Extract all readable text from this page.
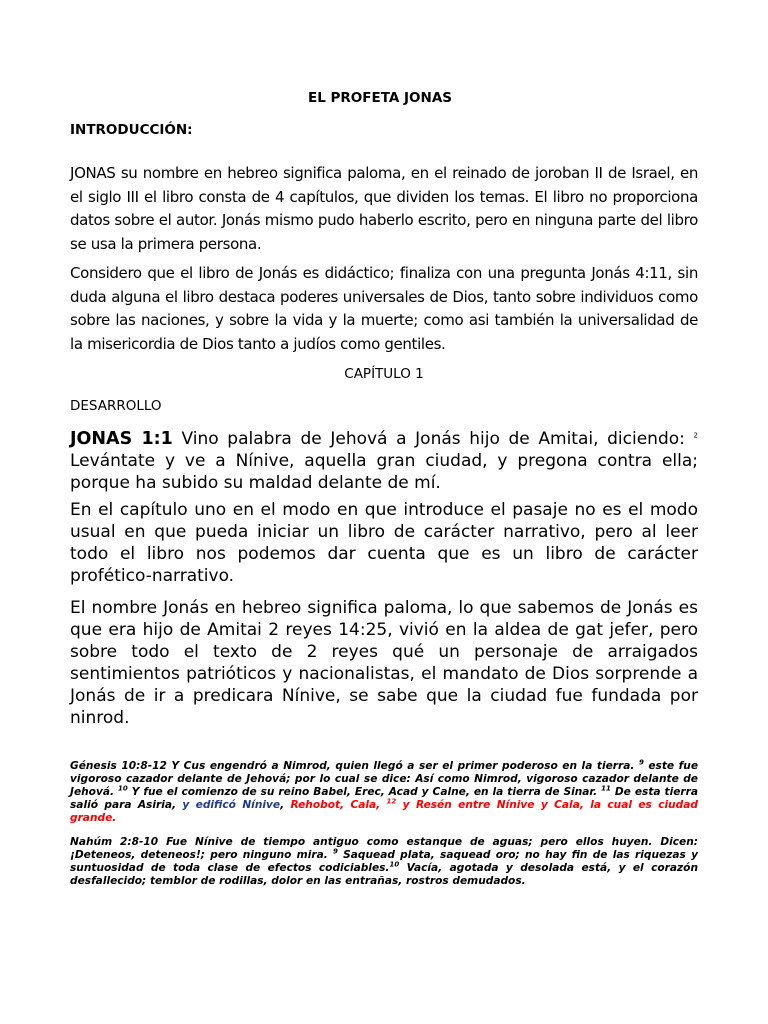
EL PROFETA JONAS
INTRODUCCIÓN:
JONAS su nombre en hebreo significa paloma, en el reinado de joroban II de Israel, en el siglo III el libro consta de 4 capítulos, que dividen los temas. El libro no proporciona datos sobre el autor. Jonás mismo pudo haberlo escrito, pero en ninguna parte del libro se usa la primera persona.
Considero que el libro de Jonás es didáctico; finaliza con una pregunta Jonás 4:11, sin duda alguna el libro destaca poderes universales de Dios, tanto sobre individuos como sobre las naciones, y sobre la vida y la muerte; como asi también la universalidad de la misericordia de Dios tanto a judíos como gentiles.
CAPÍTULO 1
DESARROLLO
JONAS 1:1 Vino palabra de Jehová a Jonás hijo de Amitai, diciendo: $^2$ Levántate y ve a Nínive, aquella gran ciudad, y pregona contra ella; porque ha subido su maldad delante de mí.
En el capítulo uno en el modo en que introduce el pasaje no es el modo usual en que pueda iniciar un libro de carácter narrativo, pero al leer todo el libro nos podemos dar cuenta que es un libro de carácter profético-narrativo.
El nombre Jonás en hebreo significa paloma, lo que sabemos de Jonás es que era hijo de Amitai 2 reyes 14:25, vivió en la aldea de gat jefer, pero sobre todo el texto de 2 reyes qué un personaje de arraigados sentimientos patrióticos y nacionalistas, el mandato de Dios sorprende a Jonás de ir a predicara Nínive, se sabe que la ciudad fue fundada por ninrod.
Génesis 10:8-12 Y Cus engendró a Nimrod, quien llegó a ser el primer poderoso en la tierra. $^9$ este fue vigoroso cazador delante de Jehová; por lo cual se dice: Así como Nimrod, vigoroso cazador delante de Jehová. $^{10}$ Y fue el comienzo de su reino Babel, Erec, Acad y Calne, en la tierra de Sinar. $^{11}$ De esta tierra salió para Asiria, y edificó Nínive, Rehobot, Cala, $^{12}$ y Resén entre Nínive y Cala, la cual es ciudad grande.
Nahúm 2:8-10 Fue Nínive de tiempo antiguo como estanque de aguas; pero ellos huyen. Dicen: ¡Deteneos, deteneos!; pero ninguno mira. $^9$ Saquead plata, saquead oro; no hay fin de las riquezas y suntuosidad de toda clase de efectos codiciables.$^{10}$ Vacía, agotada y desolada está, y el corazón desfallecido; temblor de rodillas, dolor en las entrañas, rostros demudados.
